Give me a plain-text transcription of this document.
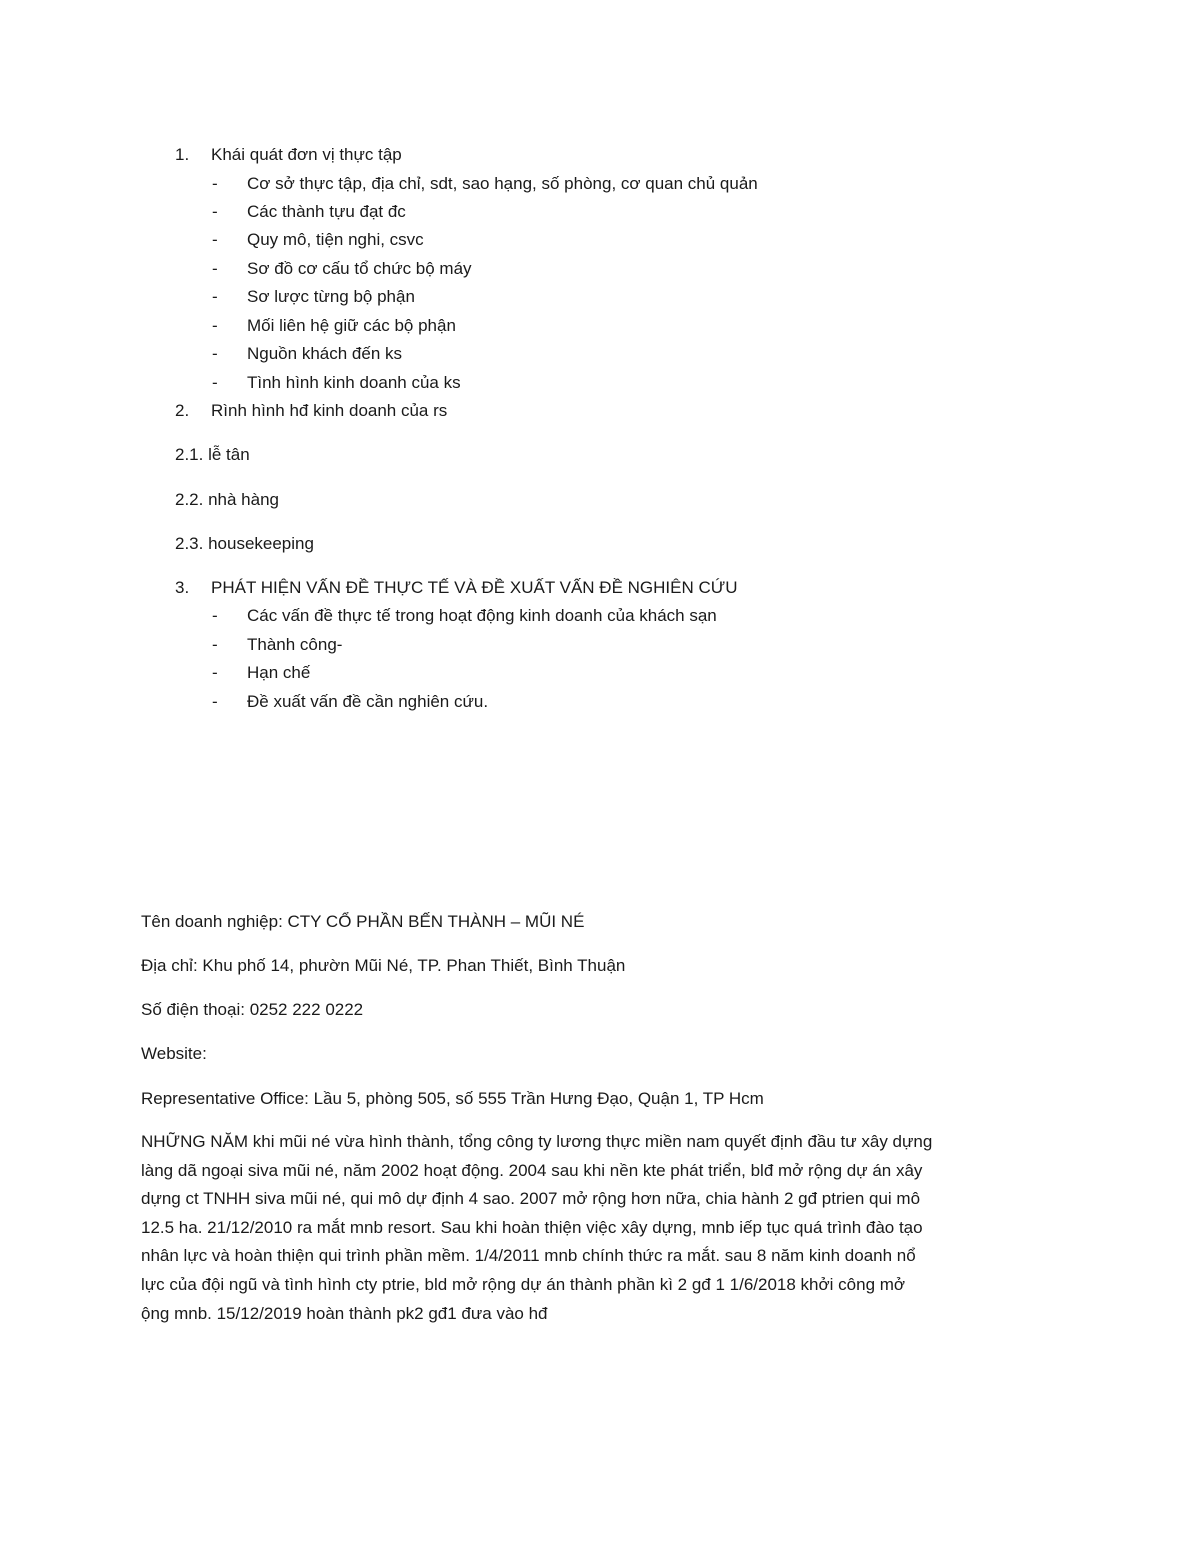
1. Khái quát đơn vị thực tập
- Cơ sở thực tập, địa chỉ, sdt, sao hạng, số phòng, cơ quan chủ quản
- Các thành tựu đạt đc
- Quy mô, tiện nghi, csvc
- Sơ đồ cơ cấu tổ chức bộ máy
- Sơ lược từng bộ phận
- Mối liên hệ giữ các bộ phận
- Nguồn khách đến ks
- Tình hình kinh doanh của ks
2. Rình hình hđ kinh doanh của rs
2.1. lễ tân
2.2. nhà hàng
2.3. housekeeping
3. PHÁT HIỆN VẤN ĐỀ THỰC TẾ VÀ ĐỀ XUẤT VẤN ĐỀ NGHIÊN CỨU
- Các vấn đề thực tế trong hoạt động kinh doanh của khách sạn
- Thành công-
- Hạn chế
- Đề xuất vấn đề cần nghiên cứu.
Tên doanh nghiệp: CTY CỔ PHẦN BẾN THÀNH – MŨI NÉ
Địa chỉ: Khu phố 14, phườn Mũi Né, TP. Phan Thiết, Bình Thuận
Số điện thoại: 0252 222 0222
Website:
Representative Office: Lầu 5, phòng 505, số 555 Trần Hưng Đạo, Quận 1, TP Hcm
NHỮNG NĂM khi mũi né vừa hình thành, tổng công ty lương thực miền nam quyết định đầu tư xây dựng
làng dã ngoại siva mũi né, năm 2002 hoạt động. 2004 sau khi nền kte phát triển, blđ mở rộng dự án xây
dựng ct TNHH siva mũi né, qui mô dự định 4 sao. 2007 mở rộng hơn nữa, chia hành 2 gđ ptrien qui mô
12.5 ha. 21/12/2010 ra mắt mnb resort. Sau khi hoàn thiện việc xây dựng, mnb iếp tục quá trình đào tạo
nhân lực và hoàn thiện qui trình phần mềm. 1/4/2011 mnb chính thức ra mắt. sau 8 năm kinh doanh nổ
lực của đội ngũ và tình hình cty ptrie, bld mở rộng dự án thành phần kì 2 gđ 1 1/6/2018 khởi công mở
ộng mnb. 15/12/2019 hoàn thành pk2 gđ1 đưa vào hđ
